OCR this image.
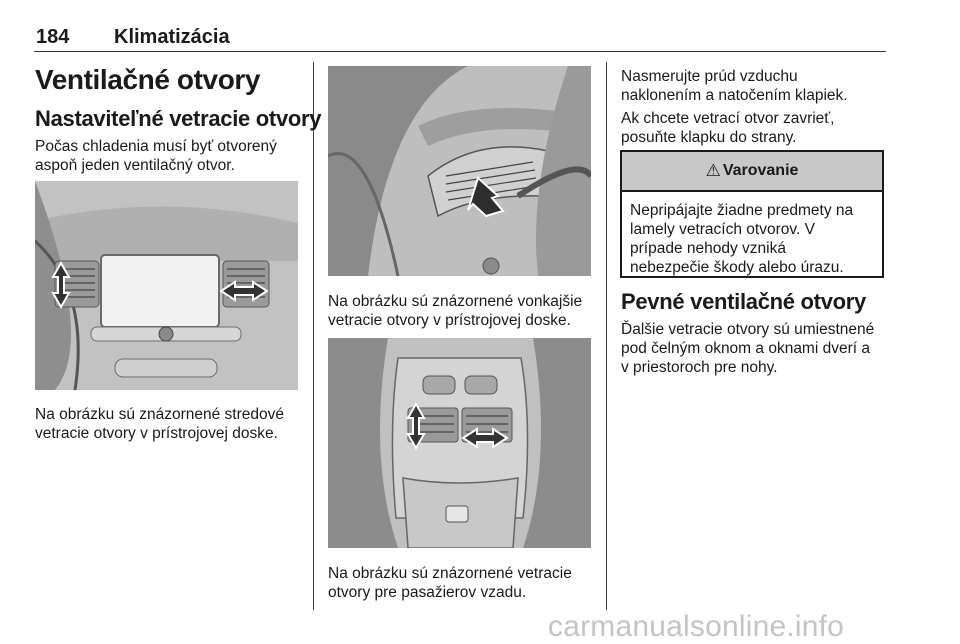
184 Klimatizácia
Ventilačné otvory
Nastaviteľné vetracie otvory
Počas chladenia musí byť otvorený
aspoň jeden ventilačný otvor.
Na obrázku sú znázornené stredové
vetracie otvory v prístrojovej doske.
Na obrázku sú znázornené vonkajšie
vetracie otvory v prístrojovej doske.
Na obrázku sú znázornené vetracie
otvory pre pasažierov vzadu.
Nasmerujte prúd vzduchu
naklonením a natočením klapiek.
Ak chcete vetrací otvor zavrieť,
posuňte klapku do strany.
⚠ Varovanie
Nepripájajte žiadne predmety na
lamely vetracích otvorov. V
prípade nehody vzniká
nebezpečie škody alebo úrazu.
Pevné ventilačné otvory
Ďalšie vetracie otvory sú umiestnené
pod čelným oknom a oknami dverí a
v priestoroch pre nohy.
carmanualsonline.info
